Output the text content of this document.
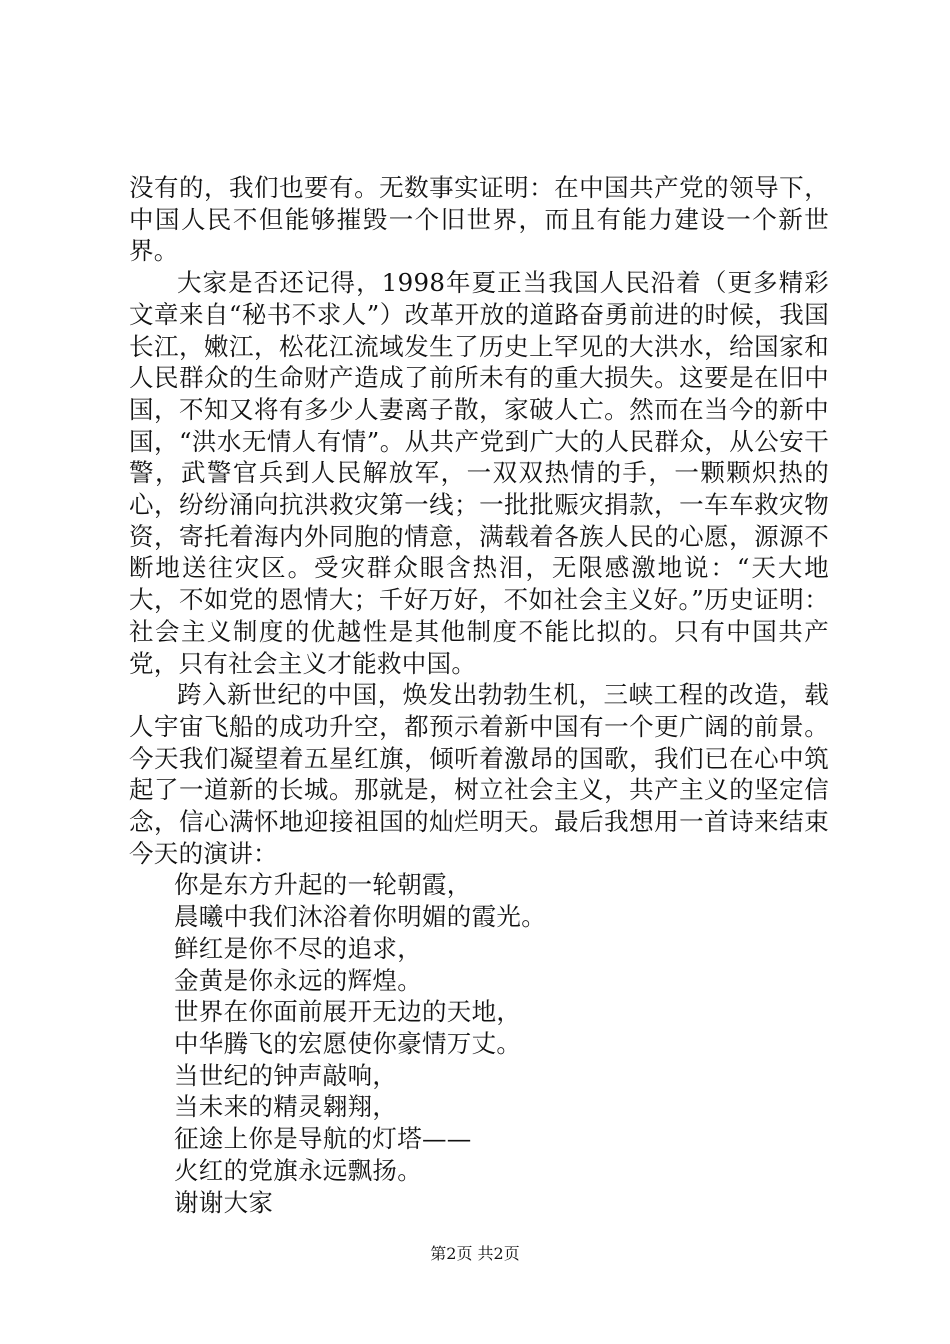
没有的，我们也要有。无数事实证明：在中国共产党的领导下，中国人民不但能够摧毁一个旧世界，而且有能力建设一个新世界。

大家是否还记得，1998年夏正当我国人民沿着（更多精彩文章来自“秘书不求人”）改革开放的道路奋勇前进的时候，我国长江，嫩江，松花江流域发生了历史上罕见的大洪水，给国家和人民群众的生命财产造成了前所未有的重大损失。这要是在旧中国，不知又将有多少人妻离子散，家破人亡。然而在当今的新中国，“洪水无情人有情”。从共产党到广大的人民群众，从公安干警，武警官兵到人民解放军，一双双热情的手，一颗颗炽热的心，纷纷涌向抗洪救灾第一线；一批批赈灾捐款，一车车救灾物资，寄托着海内外同胞的情意，满载着各族人民的心愿，源源不断地送往灾区。受灾群众眼含热泪，无限感激地说：“天大地大，不如党的恩情大；千好万好，不如社会主义好。”历史证明：社会主义制度的优越性是其他制度不能比拟的。只有中国共产党，只有社会主义才能救中国。

跨入新世纪的中国，焕发出勃勃生机，三峡工程的改造，载人宇宙飞船的成功升空，都预示着新中国有一个更广阔的前景。今天我们凝望着五星红旗，倾听着激昂的国歌，我们已在心中筑起了一道新的长城。那就是，树立社会主义，共产主义的坚定信念，信心满怀地迎接祖国的灿烂明天。最后我想用一首诗来结束今天的演讲：

你是东方升起的一轮朝霞，
晨曦中我们沐浴着你明媚的霞光。
鲜红是你不尽的追求，
金黄是你永远的辉煌。
世界在你面前展开无边的天地，
中华腾飞的宏愿使你豪情万丈。
当世纪的钟声敲响，
当未来的精灵翱翔，
征途上你是导航的灯塔——
火红的党旗永远飘扬。
谢谢大家
第2页 共2页
